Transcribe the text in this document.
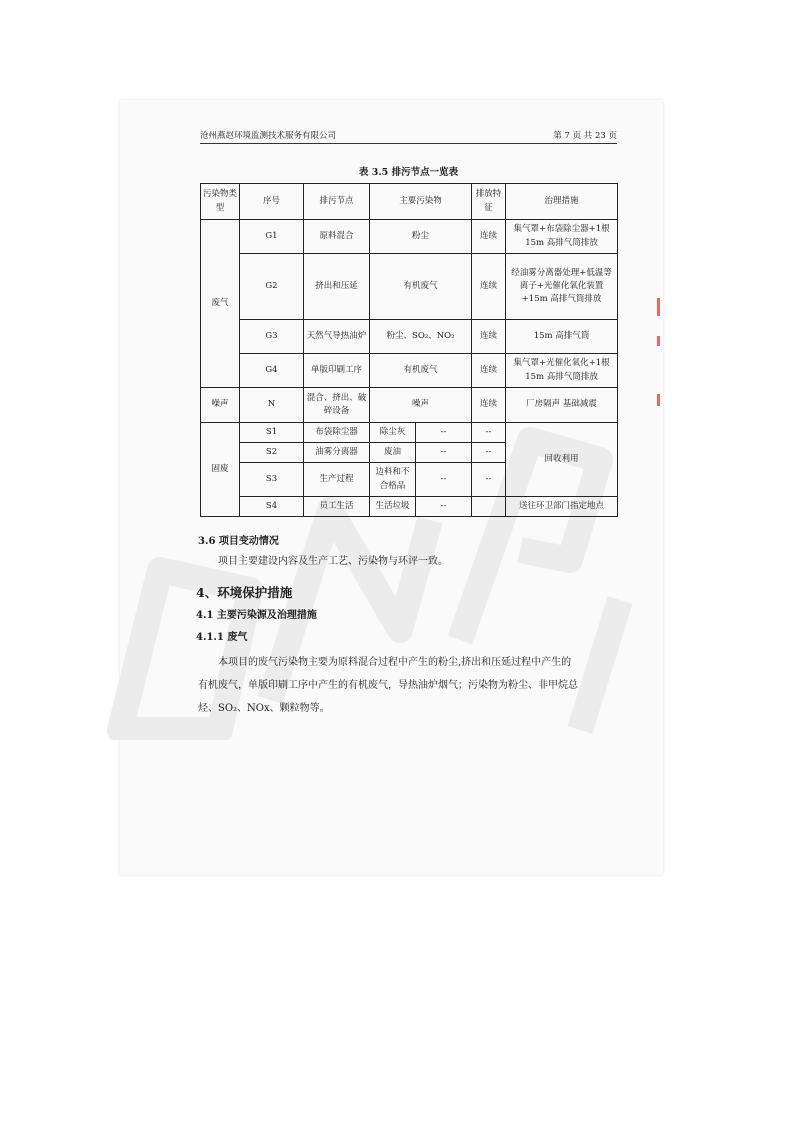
沧州燕赵环境监测技术服务有限公司	第 7 页 共 23 页
表 3.5 排污节点一览表
污染物类型	序号	排污节点	主要污染物		排放特征	治理措施
废气	G1	原料混合	粉尘		连续	集气罩+布袋除尘器+1根 15m 高排气筒排放
	G2	挤出和压延	有机废气		连续	经油雾分离器处理+低温等离子+光催化氧化装置+15m 高排气筒排放
	G3	天然气导热油炉	粉尘、SO₂、NO₂		连续	15m 高排气筒
	G4	单版印刷工序	有机废气		连续	集气罩+光催化氧化+1根 15m 高排气筒排放
噪声	N	混合、挤出、破碎设备	噪声		连续	厂房隔声 基础减震
固废	S1	布袋除尘器	除尘灰	--	--	回收利用
	S2	油雾分离器	废油	--	--	
	S3	生产过程	边料和不合格品	--	--	
	S4	员工生活	生活垃圾	--		送往环卫部门指定地点
3.6 项目变动情况
项目主要建设内容及生产工艺、污染物与环评一致。
4、环境保护措施
4.1 主要污染源及治理措施
4.1.1 废气
本项目的废气污染物主要为原料混合过程中产生的粉尘,挤出和压延过程中产生的
有机废气，单版印刷工序中产生的有机废气，导热油炉烟气；污染物为粉尘、非甲烷总
烃、SO₂、NOx、颗粒物等。
